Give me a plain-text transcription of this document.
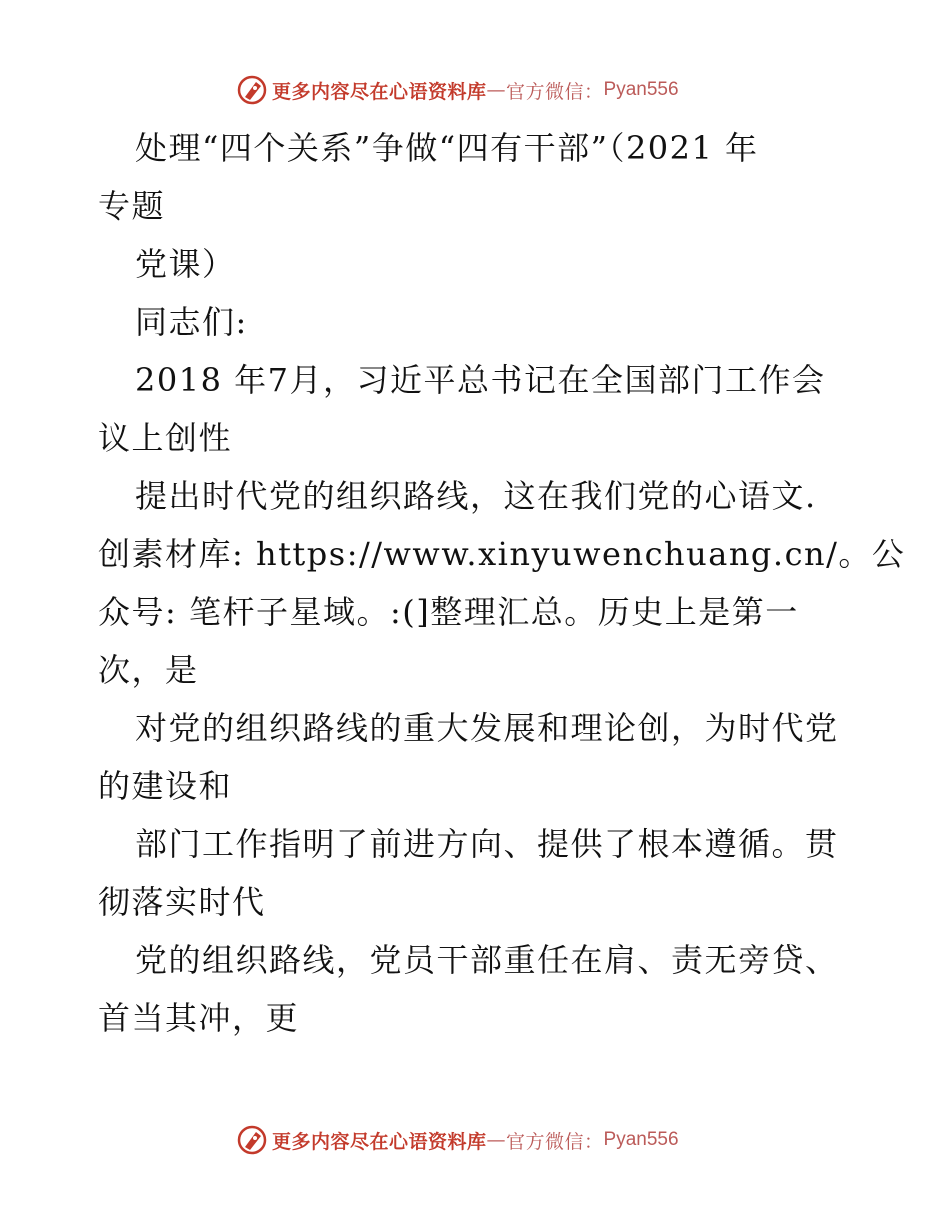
更多内容尽在心语资料库 — 官方微信： Pyan556
处理“四个关系”争做“四有干部”（2021 年
专题
党课）
同志们:
2018 年7月，习近平总书记在全国部门工作会
议上创性
提出时代党的组织路线，这在我们党的心语文.
创素材库: https://www.xinyuwenchuang.cn/。公
众号: 笔杆子星域。:(]整理汇总。历史上是第一
次，是
对党的组织路线的重大发展和理论创，为时代党
的建设和
部门工作指明了前进方向、提供了根本遵循。贯
彻落实时代
党的组织路线，党员干部重任在肩、责无旁贷、
首当其冲，更
更多内容尽在心语资料库 — 官方微信： Pyan556
